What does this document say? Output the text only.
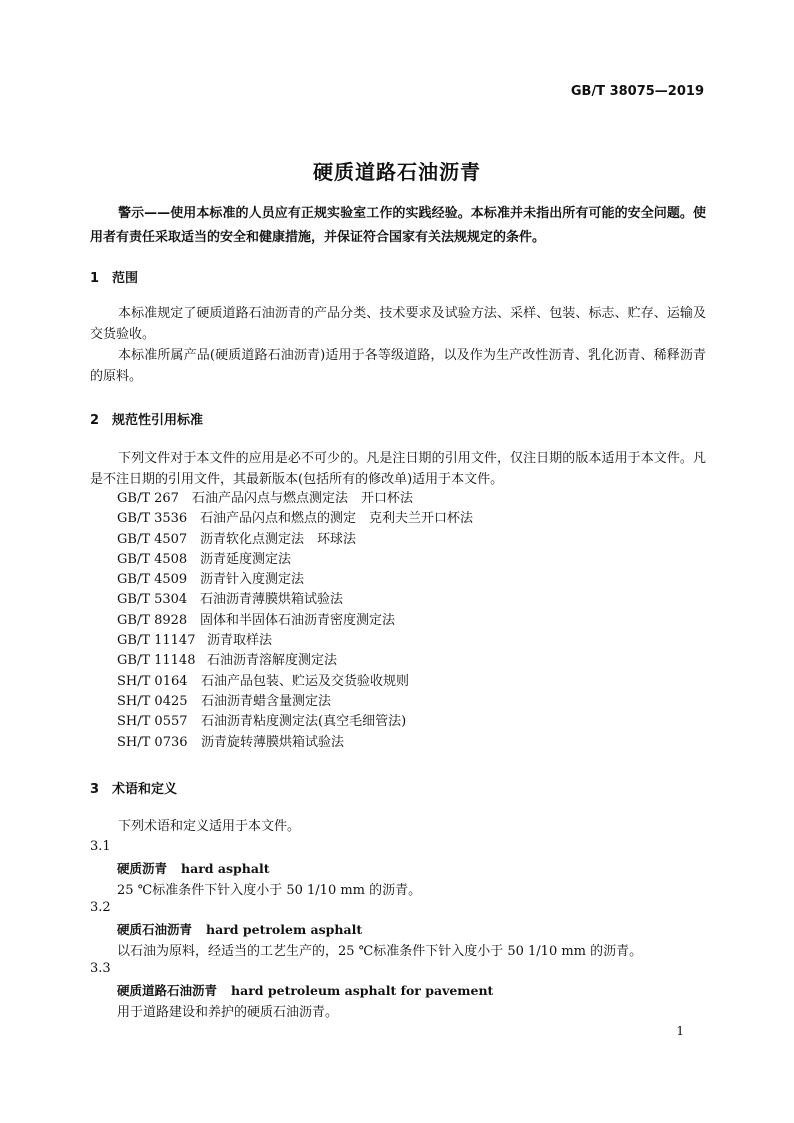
GB/T 38075—2019
硬质道路石油沥青
警示——使用本标准的人员应有正规实验室工作的实践经验。本标准并未指出所有可能的安全问题。使用者有责任采取适当的安全和健康措施，并保证符合国家有关法规规定的条件。
1 范围
本标准规定了硬质道路石油沥青的产品分类、技术要求及试验方法、采样、包装、标志、贮存、运输及交货验收。
本标准所属产品(硬质道路石油沥青)适用于各等级道路，以及作为生产改性沥青、乳化沥青、稀释沥青的原料。
2 规范性引用标准
下列文件对于本文件的应用是必不可少的。凡是注日期的引用文件，仅注日期的版本适用于本文件。凡是不注日期的引用文件，其最新版本(包括所有的修改单)适用于本文件。
GB/T 267 石油产品闪点与燃点测定法　开口杯法
GB/T 3536 石油产品闪点和燃点的测定　克利夫兰开口杯法
GB/T 4507 沥青软化点测定法　环球法
GB/T 4508 沥青延度测定法
GB/T 4509 沥青针入度测定法
GB/T 5304 石油沥青薄膜烘箱试验法
GB/T 8928 固体和半固体石油沥青密度测定法
GB/T 11147 沥青取样法
GB/T 11148 石油沥青溶解度测定法
SH/T 0164 石油产品包装、贮运及交货验收规则
SH/T 0425 石油沥青蜡含量测定法
SH/T 0557 石油沥青粘度测定法(真空毛细管法)
SH/T 0736 沥青旋转薄膜烘箱试验法
3 术语和定义
下列术语和定义适用于本文件。
3.1
硬质沥青 hard asphalt
25 ℃标准条件下针入度小于 50 1/10 mm 的沥青。
3.2
硬质石油沥青 hard petrolem asphalt
以石油为原料，经适当的工艺生产的，25 ℃标准条件下针入度小于 50 1/10 mm 的沥青。
3.3
硬质道路石油沥青 hard petroleum asphalt for pavement
用于道路建设和养护的硬质石油沥青。
1
